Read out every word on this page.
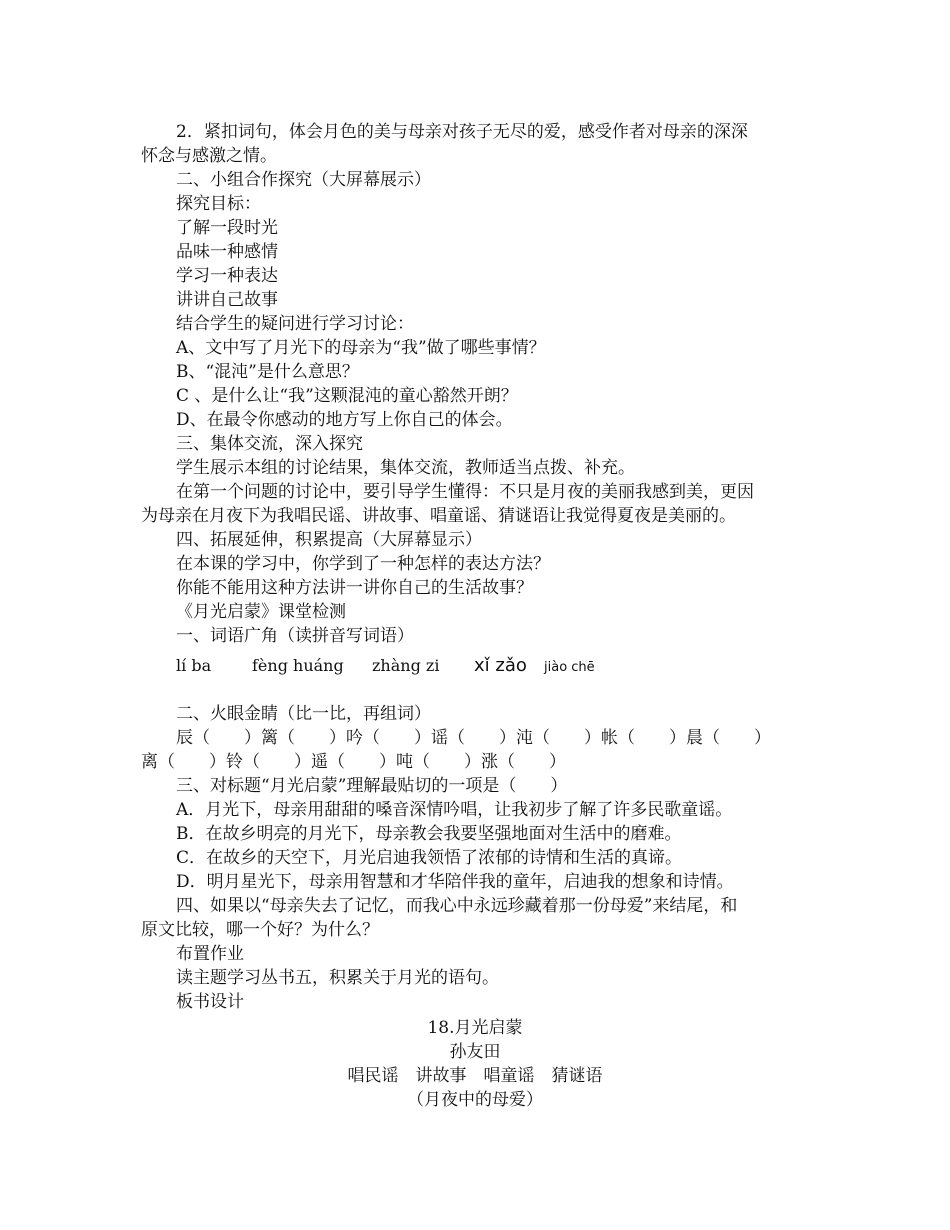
2．紧扣词句，体会月色的美与母亲对孩子无尽的爱，感受作者对母亲的深深
怀念与感激之情。
二、小组合作探究（大屏幕展示）
探究目标：
了解一段时光
品味一种感情
学习一种表达
讲讲自己故事
结合学生的疑问进行学习讨论：
A、文中写了月光下的母亲为“我”做了哪些事情？
B、“混沌”是什么意思？
C 、是什么让“我”这颗混沌的童心豁然开朗？
D、在最令你感动的地方写上你自己的体会。
三、集体交流，深入探究
学生展示本组的讨论结果，集体交流，教师适当点拨、补充。
在第一个问题的讨论中，要引导学生懂得：不只是月夜的美丽我感到美，更因
为母亲在月夜下为我唱民谣、讲故事、唱童谣、猜谜语让我觉得夏夜是美丽的。
四、拓展延伸，积累提高（大屏幕显示）
在本课的学习中，你学到了一种怎样的表达方法？
你能不能用这种方法讲一讲你自己的生活故事？
《月光启蒙》课堂检测
一、词语广角（读拼音写词语）
lí ba	fèng huáng zhàng zi xǐ zǎo jiào chē
二、火眼金睛（比一比，再组词）
辰（　　）篱（　　）吟（　　）谣（　　）沌（　　）帐（　　）晨（　　）
离（　　）铃（　　）遥（　　）吨（　　）涨（　　）
三、对标题“月光启蒙”理解最贴切的一项是（　　）
A．月光下，母亲用甜甜的嗓音深情吟唱，让我初步了解了许多民歌童谣。
B．在故乡明亮的月光下，母亲教会我要坚强地面对生活中的磨难。
C．在故乡的天空下，月光启迪我领悟了浓郁的诗情和生活的真谛。
D．明月星光下，母亲用智慧和才华陪伴我的童年，启迪我的想象和诗情。
四、如果以“母亲失去了记忆，而我心中永远珍藏着那一份母爱”来结尾，和
原文比较，哪一个好？为什么？
布置作业
读主题学习丛书五，积累关于月光的语句。
板书设计
18.月光启蒙
孙友田
唱民谣　讲故事　唱童谣　猜谜语
（月夜中的母爱）
